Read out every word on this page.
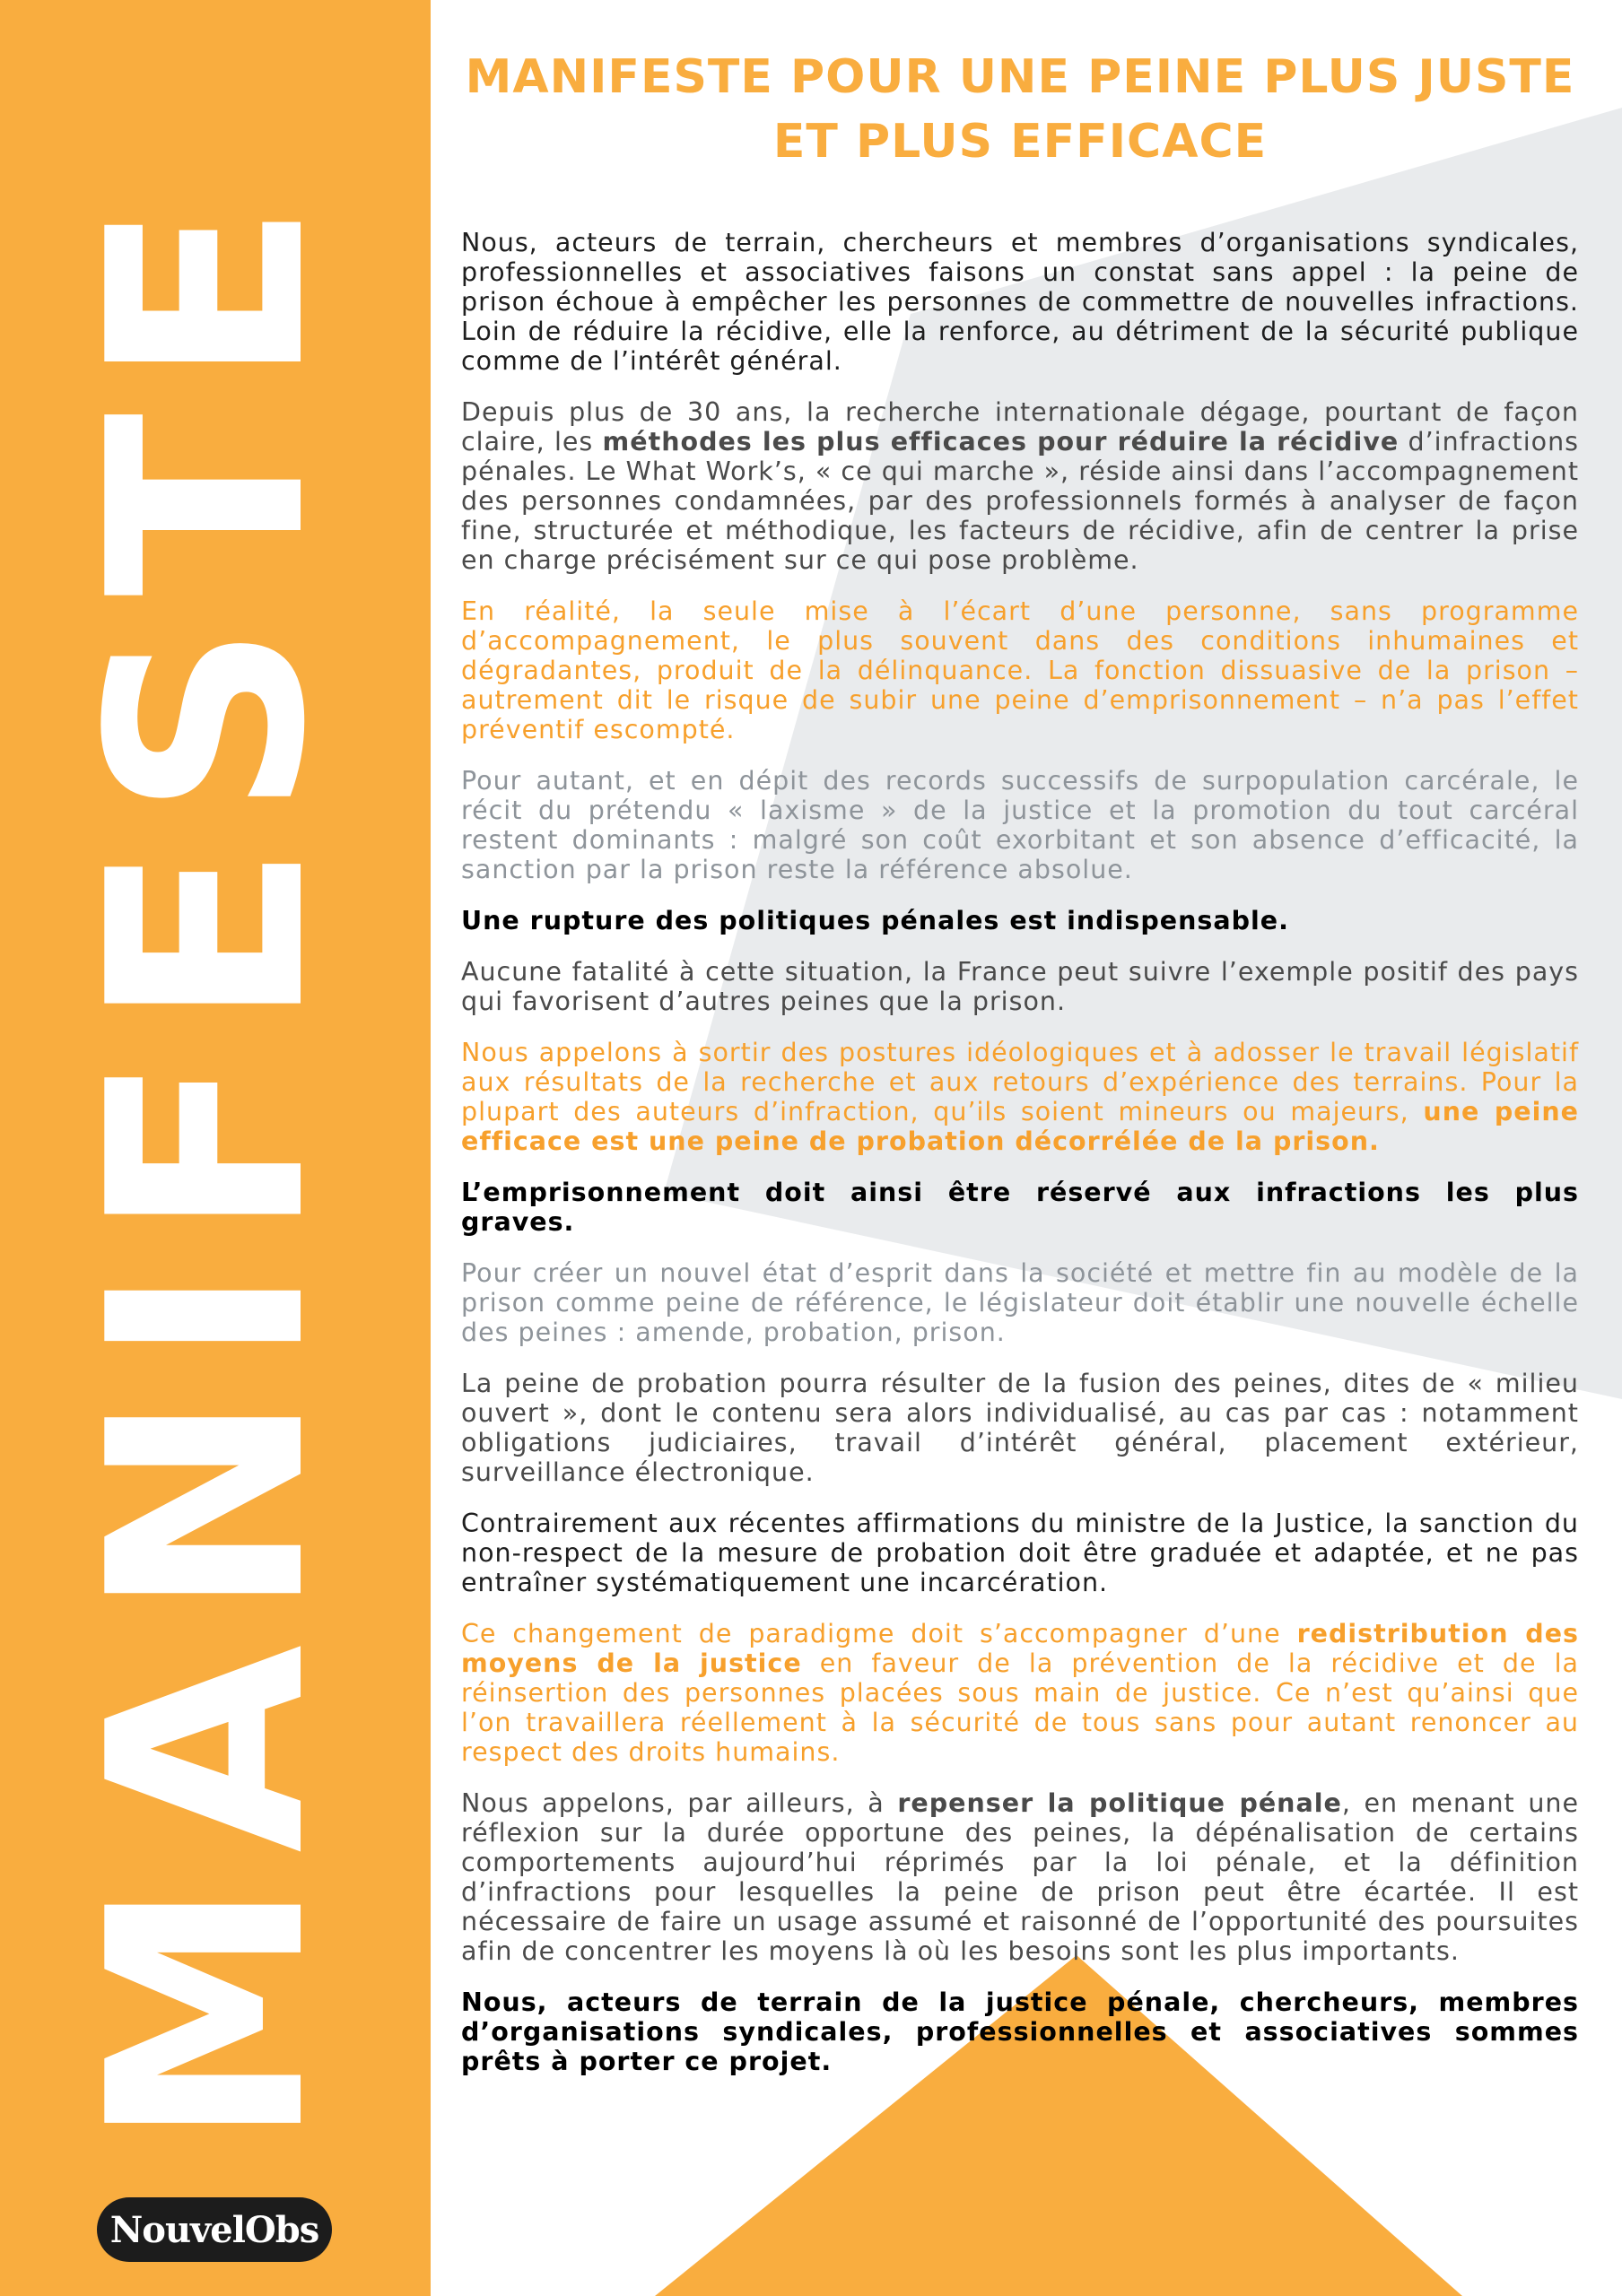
MANIFESTE
NouvelObs
MANIFESTE POUR UNE PEINE PLUS JUSTE
ET PLUS EFFICACE

Nous, acteurs de terrain, chercheurs et membres d’organisations syndicales, professionnelles et associatives faisons un constat sans appel : la peine de prison échoue à empêcher les personnes de commettre de nouvelles infractions. Loin de réduire la récidive, elle la renforce, au détriment de la sécurité publique comme de l’intérêt général.

Depuis plus de 30 ans, la recherche internationale dégage, pourtant de façon claire, les méthodes les plus efficaces pour réduire la récidive d’infractions pénales. Le What Work’s, « ce qui marche », réside ainsi dans l’accompagnement des personnes condamnées, par des professionnels formés à analyser de façon fine, structurée et méthodique, les facteurs de récidive, afin de centrer la prise en charge précisément sur ce qui pose problème.

En réalité, la seule mise à l’écart d’une personne, sans programme d’accompagnement, le plus souvent dans des conditions inhumaines et dégradantes, produit de la délinquance. La fonction dissuasive de la prison – autrement dit le risque de subir une peine d’emprisonnement – n’a pas l’effet préventif escompté.

Pour autant, et en dépit des records successifs de surpopulation carcérale, le récit du prétendu « laxisme » de la justice et la promotion du tout carcéral restent dominants : malgré son coût exorbitant et son absence d’efficacité, la sanction par la prison reste la référence absolue.

Une rupture des politiques pénales est indispensable.

Aucune fatalité à cette situation, la France peut suivre l’exemple positif des pays qui favorisent d’autres peines que la prison.

Nous appelons à sortir des postures idéologiques et à adosser le travail législatif aux résultats de la recherche et aux retours d’expérience des terrains. Pour la plupart des auteurs d’infraction, qu’ils soient mineurs ou majeurs, une peine efficace est une peine de probation décorrélée de la prison.

L’emprisonnement doit ainsi être réservé aux infractions les plus graves.

Pour créer un nouvel état d’esprit dans la société et mettre fin au modèle de la prison comme peine de référence, le législateur doit établir une nouvelle échelle des peines : amende, probation, prison.

La peine de probation pourra résulter de la fusion des peines, dites de « milieu ouvert », dont le contenu sera alors individualisé, au cas par cas : notamment obligations judiciaires, travail d’intérêt général, placement extérieur, surveillance électronique.

Contrairement aux récentes affirmations du ministre de la Justice, la sanction du non-respect de la mesure de probation doit être graduée et adaptée, et ne pas entraîner systématiquement une incarcération.

Ce changement de paradigme doit s’accompagner d’une redistribution des moyens de la justice en faveur de la prévention de la récidive et de la réinsertion des personnes placées sous main de justice. Ce n’est qu’ainsi que l’on travaillera réellement à la sécurité de tous sans pour autant renoncer au respect des droits humains.

Nous appelons, par ailleurs, à repenser la politique pénale, en menant une réflexion sur la durée opportune des peines, la dépénalisation de certains comportements aujourd’hui réprimés par la loi pénale, et la définition d’infractions pour lesquelles la peine de prison peut être écartée. Il est nécessaire de faire un usage assumé et raisonné de l’opportunité des poursuites afin de concentrer les moyens là où les besoins sont les plus importants.

Nous, acteurs de terrain de la justice pénale, chercheurs, membres d’organisations syndicales, professionnelles et associatives sommes prêts à porter ce projet.
